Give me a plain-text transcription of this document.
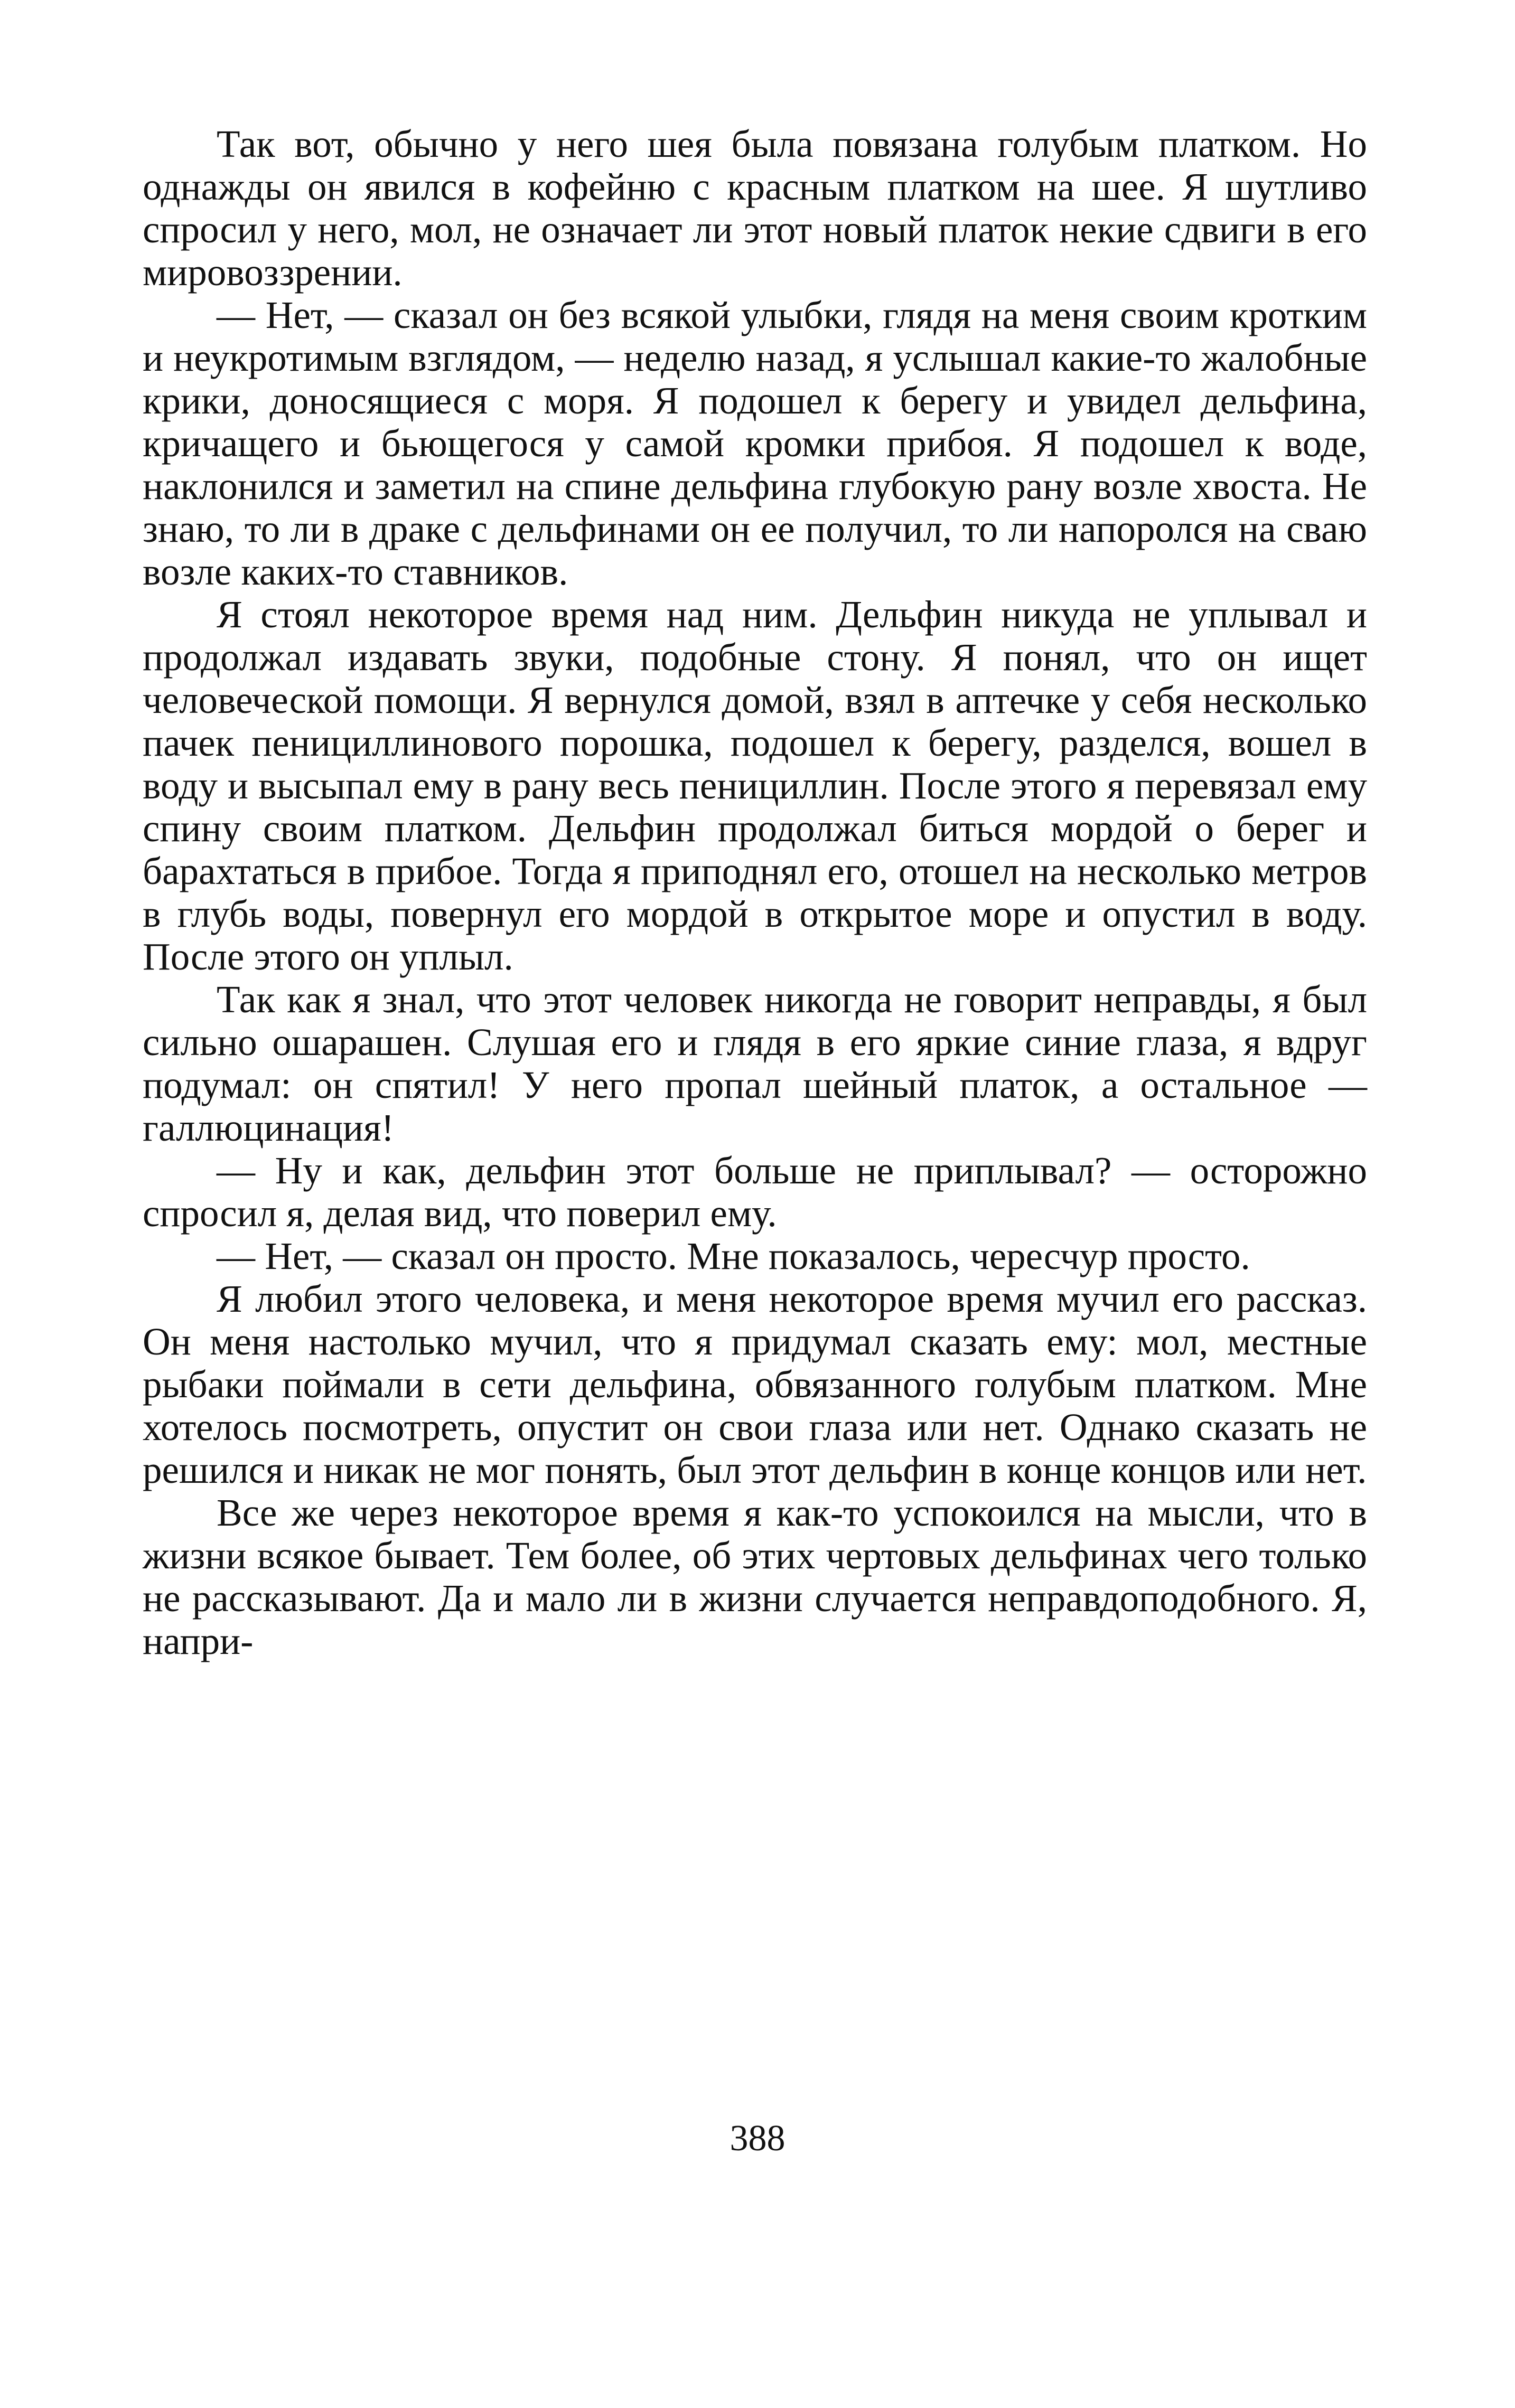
Так вот, обычно у него шея была повязана голубым платком. Но однажды он явился в кофейню с красным платком на шее. Я шутливо спросил у него, мол, не означает ли этот новый платок некие сдвиги в его мировоззрении.

— Нет, — сказал он без всякой улыбки, глядя на меня своим кротким и неукротимым взглядом, — неделю назад, я услышал какие-то жалобные крики, доносящиеся с моря. Я подошел к берегу и увидел дельфина, кричащего и бьющегося у самой кромки прибоя. Я подошел к воде, наклонился и заметил на спине дельфина глубокую рану возле хвоста. Не знаю, то ли в драке с дельфинами он ее получил, то ли напоролся на сваю возле каких-то ставников.

Я стоял некоторое время над ним. Дельфин никуда не уплывал и продолжал издавать звуки, подобные стону. Я понял, что он ищет человеческой помощи. Я вернулся домой, взял в аптечке у себя несколько пачек пенициллинового порошка, подошел к берегу, разделся, вошел в воду и высыпал ему в рану весь пенициллин. После этого я перевязал ему спину своим платком. Дельфин продолжал биться мордой о берег и барахтаться в прибое. Тогда я приподнял его, отошел на несколько метров в глубь воды, повернул его мордой в открытое море и опустил в воду. После этого он уплыл.

Так как я знал, что этот человек никогда не говорит неправды, я был сильно ошарашен. Слушая его и глядя в его яркие синие глаза, я вдруг подумал: он спятил! У него пропал шейный платок, а остальное — галлюцинация!

— Ну и как, дельфин этот больше не приплывал? — осторожно спросил я, делая вид, что поверил ему.

— Нет, — сказал он просто. Мне показалось, чересчур просто.

Я любил этого человека, и меня некоторое время мучил его рассказ. Он меня настолько мучил, что я придумал сказать ему: мол, местные рыбаки поймали в сети дельфина, обвязанного голубым платком. Мне хотелось посмотреть, опустит он свои глаза или нет. Однако сказать не решился и никак не мог понять, был этот дельфин в конце концов или нет.

Все же через некоторое время я как-то успокоился на мысли, что в жизни всякое бывает. Тем более, об этих чертовых дельфинах чего только не рассказывают. Да и мало ли в жизни случается неправдоподобного. Я, напри-

388
